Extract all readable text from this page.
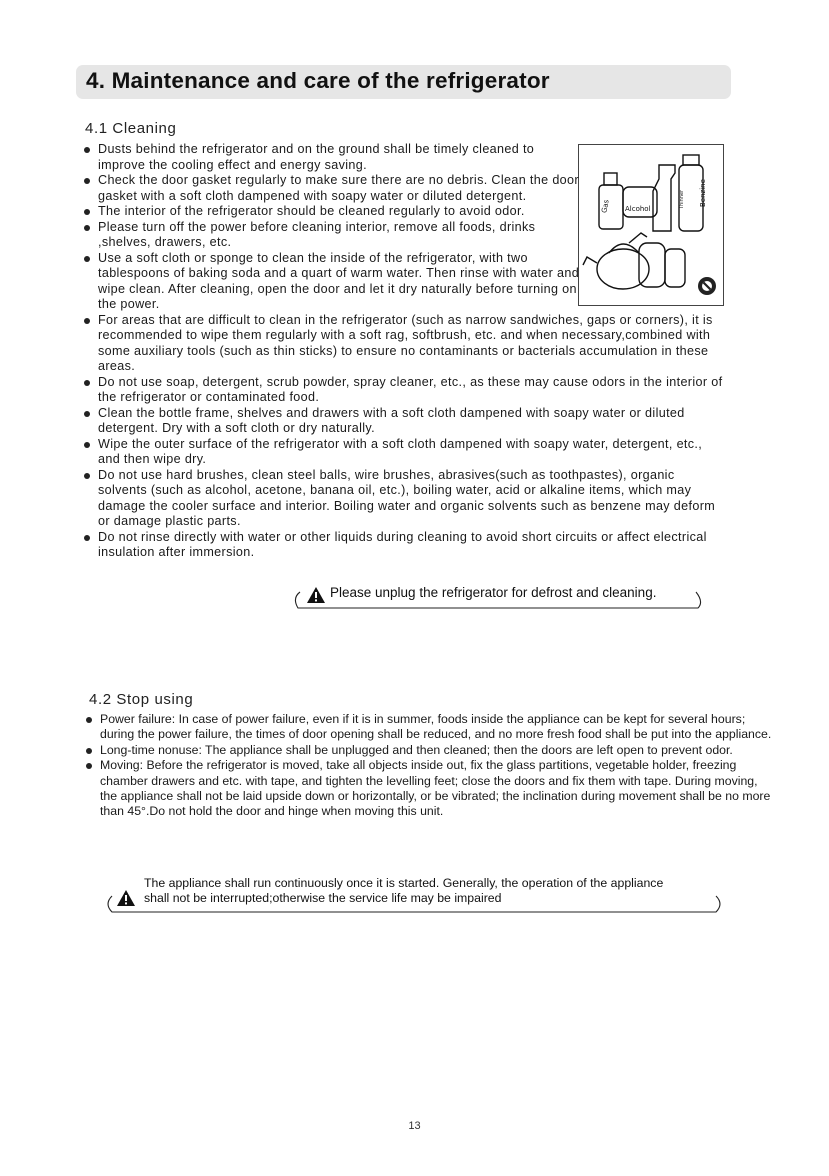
4. Maintenance and care of the refrigerator
4.1 Cleaning
Gas Alcohol	Thinner Benzine
Dusts behind the refrigerator and on the ground shall be timely cleaned to improve the cooling effect and energy saving.
Check the door gasket regularly to make sure there are no debris. Clean the door gasket with a soft cloth dampened with soapy water or diluted detergent.
The interior of the refrigerator should be cleaned regularly to avoid odor.
Please turn off the power before cleaning interior, remove all foods, drinks ,shelves, drawers, etc.
Use a soft cloth or sponge to clean the inside of the refrigerator, with two tablespoons of baking soda and a quart of warm water. Then rinse with water and wipe clean. After cleaning, open the door and let it dry naturally before turning on the power.
For areas that are difficult to clean in the refrigerator (such as narrow sandwiches, gaps or corners), it is recommended to wipe them regularly with a soft rag, softbrush, etc. and when necessary,combined with some auxiliary tools (such as thin sticks) to ensure no contaminants or bacterials accumulation in these areas.
Do not use soap, detergent, scrub powder, spray cleaner, etc., as these may cause odors in the interior of the refrigerator or contaminated food.
Clean the bottle frame, shelves and drawers with a soft cloth dampened with soapy water or diluted detergent. Dry with a soft cloth or dry naturally.
Wipe the outer surface of the refrigerator with a soft cloth dampened with soapy water, detergent, etc., and then wipe dry.
Do not use hard brushes, clean steel balls, wire brushes, abrasives(such as toothpastes), organic solvents (such as alcohol, acetone, banana oil, etc.), boiling water, acid or alkaline items, which may damage the cooler surface and interior. Boiling water and organic solvents such as benzene may deform or damage plastic parts.
Do not rinse directly with water or other liquids during cleaning to avoid short circuits or affect electrical insulation after immersion.

Please unplug the refrigerator for defrost and cleaning.

4.2 Stop using
Power failure: In case of power failure, even if it is in summer, foods inside the appliance can be kept for several hours; during the power failure, the times of door opening shall be reduced, and no more fresh food shall be put into the appliance.
Long-time nonuse: The appliance shall be unplugged and then cleaned; then the doors are left open to prevent odor.
Moving: Before the refrigerator is moved, take all objects inside out, fix the glass partitions, vegetable holder, freezing chamber drawers and etc. with tape, and tighten the levelling feet; close the doors and fix them with tape. During moving, the appliance shall not be laid upside down or horizontally, or be vibrated; the inclination during movement shall be no more than 45°.Do not hold the door and hinge when moving this unit.

The appliance shall run continuously once it is started. Generally, the operation of the appliance

shall not be interrupted;otherwise the service life may be impaired

13
